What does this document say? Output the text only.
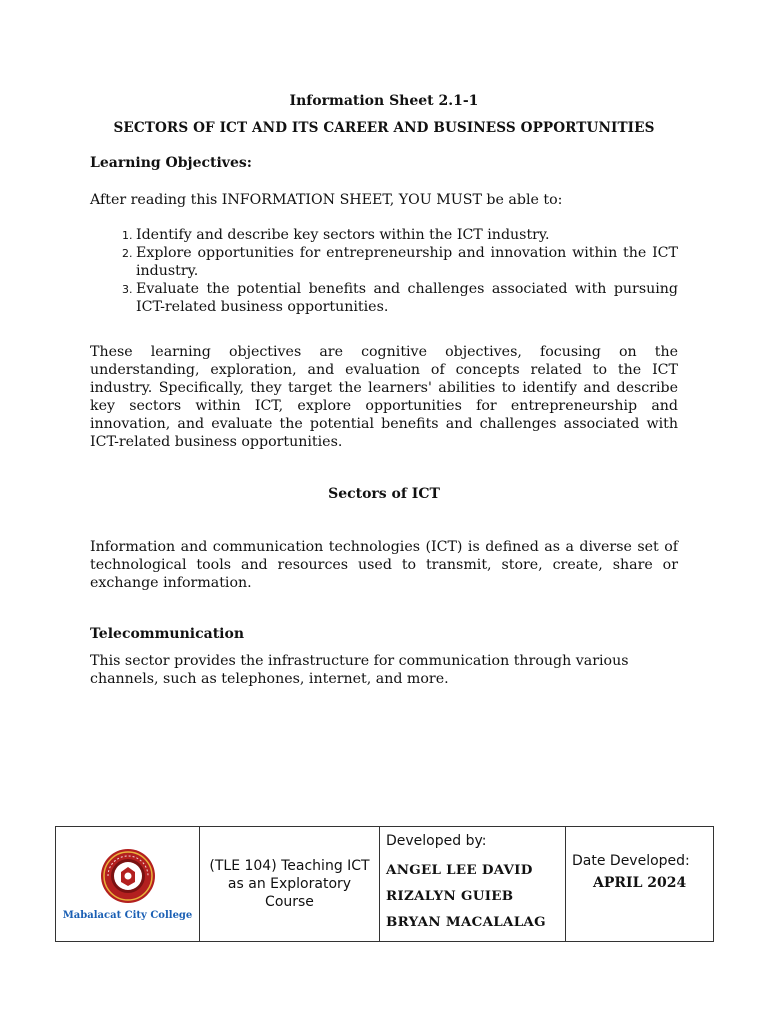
Information Sheet 2.1-1
SECTORS OF ICT AND ITS CAREER AND BUSINESS OPPORTUNITIES
Learning Objectives:
After reading this INFORMATION SHEET, YOU MUST be able to:
1. Identify and describe key sectors within the ICT industry.
2. Explore opportunities for entrepreneurship and innovation within the ICT industry.
3. Evaluate the potential benefits and challenges associated with pursuing ICT-related business opportunities.
These learning objectives are cognitive objectives, focusing on the understanding, exploration, and evaluation of concepts related to the ICT industry. Specifically, they target the learners' abilities to identify and describe key sectors within ICT, explore opportunities for entrepreneurship and innovation, and evaluate the potential benefits and challenges associated with ICT-related business opportunities.
Sectors of ICT
Information and communication technologies (ICT) is defined as a diverse set of technological tools and resources used to transmit, store, create, share or exchange information.
Telecommunication
This sector provides the infrastructure for communication through various channels, such as telephones, internet, and more.
Mabalacat City College
(TLE 104) Teaching ICT as an Exploratory Course
Developed by:
ANGEL LEE DAVID
RIZALYN GUIEB
BRYAN MACALALAG
Date Developed:
APRIL 2024
